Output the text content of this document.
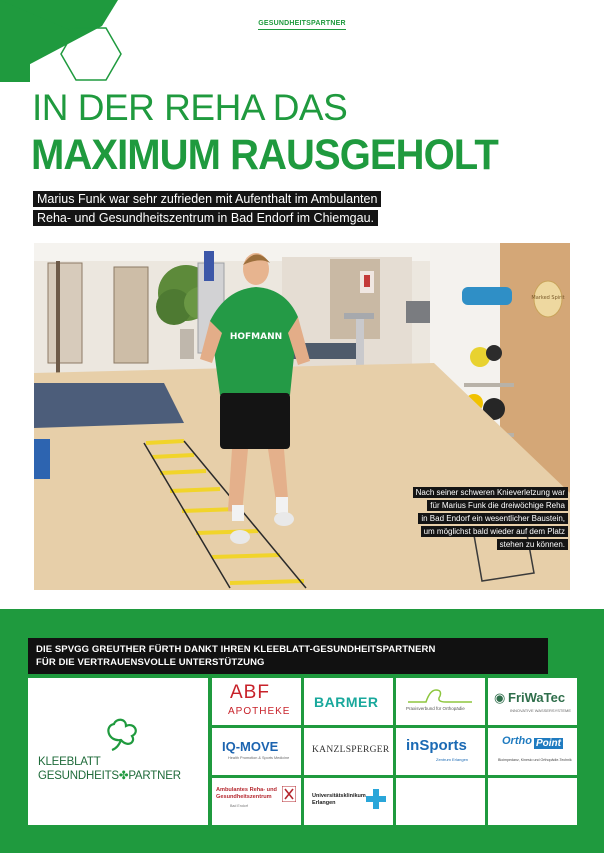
GESUNDHEITSPARTNER
IN DER REHA DAS
MAXIMUM RAUSGEHOLT
Marius Funk war sehr zufrieden mit Aufenthalt im Ambulanten
Reha- und Gesundheitszentrum in Bad Endorf im Chiemgau.
Marked Spirit
HOFMANN
Nach seiner schweren Knieverletzung war
für Marius Funk die dreiwöchige Reha
in Bad Endorf ein wesentlicher Baustein,
um möglichst bald wieder auf dem Platz
stehen zu können.
DIE SPVGG GREUTHER FÜRTH DANKT IHREN KLEEBLATT-GESUNDHEITSPARTNERN
FÜR DIE VERTRAUENSVOLLE UNTERSTÜTZUNG
KLEEBLATT
GESUNDHEITS✤PARTNER
ABF
APOTHEKE
BARMER	Praxisverbund für Orthopädie
◉ FriWaTec
INNOVATIVE WASSERSYSTEME
IQ-MOVE
Health Promotion & Sports Medicine
KANZLSPERGER inSports
Zentrum Erlangen
Ortho Point
Bioimpedanz, Kinesio und Orthopädie-Technik
Ambulantes Reha- und
Gesundheitszentrum
Bad Endorf
Universitätsklinikum
Erlangen
